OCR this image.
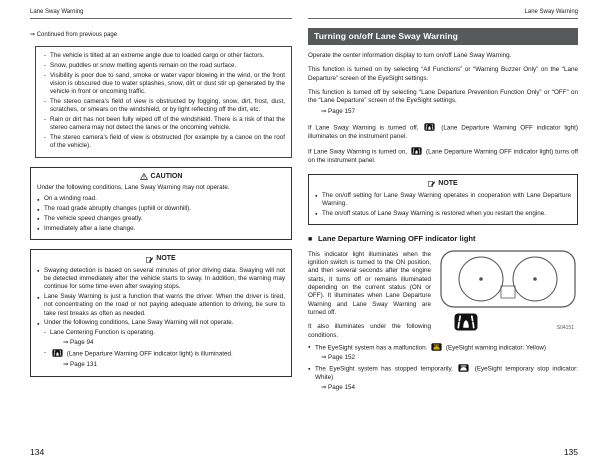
Lane Sway Warning	Lane Sway Warning
⇒ Continued from previous page
- The vehicle is tilted at an extreme angle due to loaded cargo or other factors.
- Snow, puddles or snow melting agents remain on the road surface.
- Visibility is poor due to sand, smoke or water vapor blowing in the wind, or the front vision is obscured due to water splashes, snow, dirt or dust stir up generated by the vehicle in front or oncoming traffic.
- The stereo camera's field of view is obstructed by fogging, snow, dirt, frost, dust, scratches, or smears on the windshield, or by light reflecting off the dirt, etc.
- Rain or dirt has not been fully wiped off of the windshield. There is a risk of that the stereo camera may not detect the lanes or the oncoming vehicle.
- The stereo camera's field of view is obstructed (for example by a canoe on the roof of the vehicle).
CAUTION
Under the following conditions, Lane Sway Warning may not operate.
● On a winding road.
● The road grade abruptly changes (uphill or downhill).
● The vehicle speed changes greatly.
● Immediately after a lane change.
NOTE
● Swaying detection is based on several minutes of prior driving data. Swaying will not be detected immediately after the vehicle starts to sway. In addition, the warning may continue for some time even after swaying stops.
● Lane Sway Warning is just a function that warns the driver. When the driver is tired, not concentrating on the road or not paying adequate attention to driving, be sure to take rest breaks as often as needed.
● Under the following conditions, Lane Sway Warning will not operate.
- Lane Centering Function is operating.
⇒ Page 94
- (Lane Departure Warning OFF indicator light) is illuminated.
⇒ Page 131
Turning on/off Lane Sway Warning

Operate the center information display to turn on/off Lane Sway Warning.

This function is turned on by selecting “All Functions” or “Warning Buzzer Only” on the “Lane Departure” screen of the EyeSight settings.

This function is turned off by selecting “Lane Departure Prevention Function Only” or “OFF” on the “Lane Departure” screen of the EyeSight settings.

⇒ Page 157

If Lane Sway Warning is turned off,	(Lane Departure Warning OFF indicator light) illuminates on the instrument panel.

If Lane Sway Warning is turned on,	(Lane Departure Warning OFF indicator light) turns off on the instrument panel.

NOTE
● The on/off setting for Lane Sway Warning operates in cooperation with Lane Departure Warning.
● The on/off status of Lane Sway Warning is restored when you restart the engine.
■ Lane Departure Warning OFF indicator light
S04151

This indicator light illuminates when the ignition switch is turned to the ON position, and then several seconds after the engine starts, it turns off or remains illuminated depending on the current status (ON or OFF). It illuminates when Lane Departure Warning and Lane Sway Warning are turned off.

It also illuminates under the following conditions.

● The EyeSight system has a malfunction.	(EyeSight warning indicator: Yellow)
⇒ Page 152
● The EyeSight system has stopped temporarily.	(EyeSight temporary stop indicator: White)
⇒ Page 154
134	135
